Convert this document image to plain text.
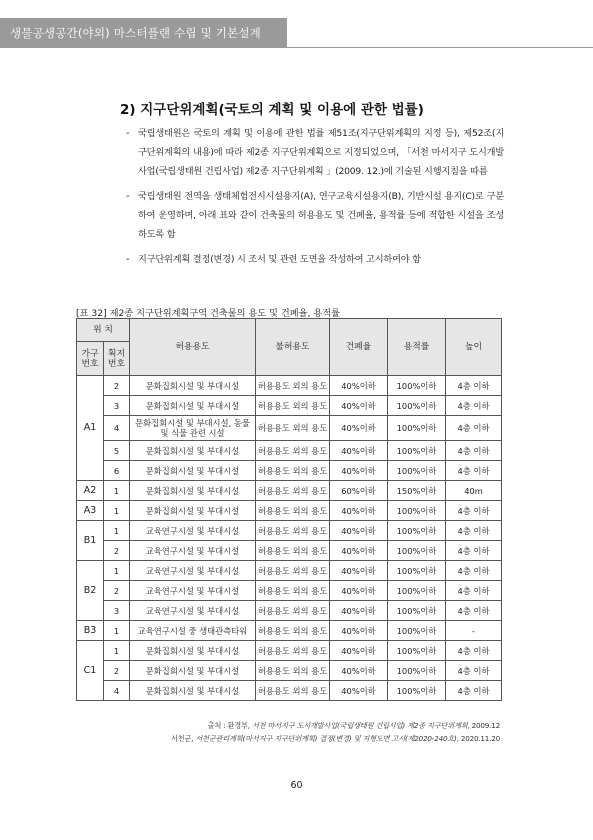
생물공생공간(야외) 마스터플랜 수립 및 기본설계
2) 지구단위계획(국토의 계획 및 이용에 관한 법률)
- 국립생태원은 국토의 계획 및 이용에 관한 법률 제51조(지구단위계획의 지정 등), 제52조(지구단위계획의 내용)에 따라 제2종 지구단위계획으로 지정되었으며, 「서천 마서지구 도시개발사업(국립생태원 건립사업) 제2종 지구단위계획 」(2009. 12.)에 기술된 시행지침을 따름
- 국립생태원 전역을 생태체험전시시설용지(A), 연구교육시설용지(B), 기반시설 용지(C)로 구분하여 운영하며, 아래 표와 같이 건축물의 허용용도 및 건폐율, 용적률 등에 적합한 시설을 조성하도록 함
- 지구단위계획 결정(변경) 시 조서 및 관련 도면을 작성하여 고시하여야 함
[표 32] 제2종 지구단위계획구역 건축물의 용도 및 건폐율, 용적률
위 치		허용용도	불허용도	건폐율	용적률	높이
가구 번호	획지 번호					
A1	2	문화집회시설 및 부대시설	허용용도 외의 용도	40%이하	100%이하	4층 이하
	3	문화집회시설 및 부대시설	허용용도 외의 용도	40%이하	100%이하	4층 이하
	4	문화집회시설 및 부대시설, 동물 및 식물 관련 시설	허용용도 외의 용도	40%이하	100%이하	4층 이하
	5	문화집회시설 및 부대시설	허용용도 외의 용도	40%이하	100%이하	4층 이하
	6	문화집회시설 및 부대시설	허용용도 외의 용도	40%이하	100%이하	4층 이하
A2	1	문화집회시설 및 부대시설	허용용도 외의 용도	60%이하	150%이하	40m
A3	1	문화집회시설 및 부대시설	허용용도 외의 용도	40%이하	100%이하	4층 이하
B1	1	교육연구시설 및 부대시설	허용용도 외의 용도	40%이하	100%이하	4층 이하
	2	교육연구시설 및 부대시설	허용용도 외의 용도	40%이하	100%이하	4층 이하
B2	1	교육연구시설 및 부대시설	허용용도 외의 용도	40%이하	100%이하	4층 이하
	2	교육연구시설 및 부대시설	허용용도 외의 용도	40%이하	100%이하	4층 이하
	3	교육연구시설 및 부대시설	허용용도 외의 용도	40%이하	100%이하	4층 이하
B3	1	교육연구시설 중 생태관측타워	허용용도 외의 용도	40%이하	100%이하	-
C1	1	문화집회시설 및 부대시설	허용용도 외의 용도	40%이하	100%이하	4층 이하
	2	문화집회시설 및 부대시설	허용용도 외의 용도	40%이하	100%이하	4층 이하
	4	문화집회시설 및 부대시설	허용용도 외의 용도	40%이하	100%이하	4층 이하
출처 : 환경부, 서천 마서지구 도시개발사업(국립생태원 건립사업) 제2종 지구단위계획, 2009.12
서천군, 서천군관리계획(마서지구 지구단위계획) 결정(변경) 및 지형도면 고시(제2020-240호), 2020.11.20
60
